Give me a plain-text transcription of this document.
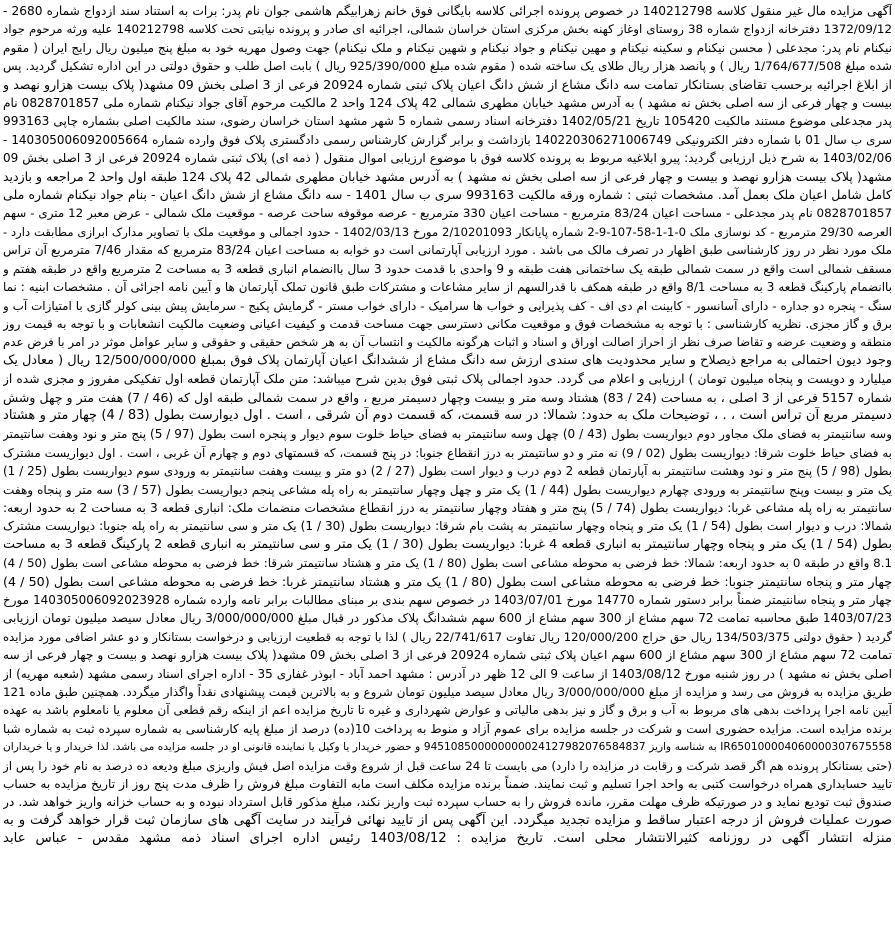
آگهی مزایده مال غیر منقول کلاسه 140212798 در خصوص پرونده اجرائی کلاسه بایگانی فوق خانم زهرابیگم هاشمی جوان نام پدر: برات به استناد سند ازدواج شماره 2680 -
1372/09/12 دفترخانه ازدواج شماره 38 روستای اوغاز کهنه بخش مرکزی استان خراسان شمالی، اجرائیه ای صادر و پرونده نیابتی تحت کلاسه 140212798 علیه ورثه مرحوم جواد
نیکنام نام پدر: مجدعلی ( محسن نیکنام و سکینه نیکنام و مهین نیکنام و جواد نیکنام و شهین نیکنام و ملک نیکنام) جهت وصول مهریه خود به مبلغ پنج میلیون ریال رایج ایران ( مقوم
شده مبلغ 1/764/677/508 ریال ) و پانصد هزار ریال طلای یک ساخته شده ( مقوم شده مبلغ 925/390/000 ریال ) بابت اصل طلب و حقوق دولتی در این اداره تشکیل گردید. پس
از ابلاغ اجرائیه برحسب تقاضای بستانکار تمامت سه دانگ مشاع از شش دانگ اعیان پلاک ثبتی شماره 20924 فرعی از 3 اصلی بخش 09 مشهد( پلاک بیست هزارو نهصد و
بیست و چهار فرعی از سه اصلی بخش نه مشهد ) به آدرس مشهد خیابان مطهری شمالی 42 پلاک 124 واحد 2 مالکیت مرحوم آقای جواد نیکنام شماره ملی 0828701857 نام
پدر مجدعلی موضوع مستند مالکیت 105420 تاریخ 1402/05/21 دفترخانه اسناد رسمی شماره 5 شهر مشهد استان خراسان رضوی، سند مالکیت اصلی بشماره چاپی 993163
سری ب سال 01 با شماره دفتر الکترونیکی 140220306271006749 بازداشت و برابر گزارش کارشناس رسمی دادگستری پلاک فوق وارده شماره 140305006092005664 -
1403/02/06 به شرح ذیل ارزیابی گردید: پیرو ابلاغیه مربوط به پرونده کلاسه فوق با موضوع ارزیابی اموال منقول ( ذمه ای) پلاک ثبتی شماره 20924 فرعی از 3 اصلی بخش 09
مشهد( پلاک بیست هزارو نهصد و بیست و چهار فرعی از سه اصلی بخش نه مشهد ) به آدرس مشهد خیابان مطهری شمالی 42 پلاک 124 طبقه اول واحد 2 مراجعه و بازدید
کامل شامل اعیان ملک بعمل آمد. مشخصات ثبتی : شماره ورقه مالکیت 993163 سری ب سال 1401 - سه دانگ مشاع از شش دانگ اعیان - بنام جواد نیکنام شماره ملی
0828701857 نام پدر مجدعلی - مساحت اعیان 83/24 مترمربع - مساحت اعیان 330 مترمربع - عرصه موقوفه ساحت عرصه - موقعیت ملک شمالی - عرض معبر 12 متری - سهم
العرصه 29/30 مترمربع - کد نوسازی ملک 0-1-1-58-107-9-2 شماره پایانکار 2/10201093 مورخ 1402/03/13 - حدود اجمالی و موقعیت ملک با تصاویر مدارک ابرازی مطابقت دارد -
ملک مورد نظر در روز کارشناسی طبق اظهار در تصرف مالک می باشد . مورد ارزیابی آپارتمانی است دو خوابه به مساحت اعیان 83/24 مترمربع که مقدار 7/46 مترمربع آن تراس
مسقف شمالی است واقع در سمت شمالی طبقه یک ساختمانی هفت طبقه و 9 واحدی با قدمت حدود 3 سال باانضمام انباری قطعه 3 به مساحت 2 مترمربع واقع در طبقه هفتم و
باانضمام پارکینگ قطعه 3 به مساحت 8/1 واقع در طبقه همکف با قدرالسهم از سایر مشاعات و مشترکات طبق قانون تملک آپارتمان ها و آیین نامه اجرائی آن . مشخصات ابنیه : نما
سنگ - پنجره دو جداره - دارای آسانسور - کابینت ام دی اف - کف پذیرایی و خواب ها سرامیک - دارای خواب مستر - گرمایش پکیج - سرمایش پیش بینی کولر گازی با امتیازات آب و
برق و گاز مجزی. نظریه کارشناسی : با توجه به مشخصات فوق و موقعیت مکانی دسترسی جهت مساحت قدمت و کیفیت اعیانی وضعیت مالکیت انشعابات و با توجه به قیمت روز
منطقه و وضعیت عرضه و تقاضا صرف نظر از احراز اصالت اوراق و اسناد و اثبات هرگونه مالکیت و انتساب آن به هر شخص حقیقی و حقوقی و سایر عوامل موثر در امر با فرض عدم
وجود دیون احتمالی به مراجع ذیصلاح و سایر محدودیت های سندی ارزش سه دانگ مشاع از ششدانگ اعیان آپارتمان پلاک فوق بمبلغ 12/500/000/000 ریال ( معادل یک
میلیارد و دویست و پنجاه میلیون تومان ) ارزیابی و اعلام می گردد. حدود اجمالی پلاک ثبتی فوق بدین شرح میباشد: متن ملک آپارتمان قطعه اول تفکیکی مفروز و مجزی شده از
شماره 5157 فرعی از 3 اصلی ، به مساحت (24 / 83) هشتاد وسه متر و بیست وچهار دسیمتر مربع ، واقع در سمت شمالی طبقه اول که (46 / 7) هفت متر و چهل وشش
دسیمتر مربع آن تراس است ، . ، توضیحات ملک به حدود: شمالا: در سه قسمت، که قسمت دوم آن شرقی ، است . اول دیوارست بطول (83 / 4) چهار متر و هشتاد
وسه سانتیمتر به فضای ملک مجاور دوم دیواریست بطول (43 / 0) چهل وسه سانتیمتر به فضای حیاط خلوت سوم دیوار و پنجره است بطول (97 / 5) پنج متر و نود وهفت سانتیمتر
به فضای حیاط خلوت شرقا: دیواریست بطول (02 / 9) نه متر و دو سانتیمتر به درز انقطاع جنوبا: در پنج قسمت، که قسمتهای دوم و چهارم آن غربی ، است . اول دیواریست مشترک
بطول (98 / 5) پنج متر و نود وهشت سانتیمتر به آپارتمان قطعه 2 دوم درب و دیوار است بطول (27 / 2) دو متر و بیست وهفت سانتیمتر به ورودی سوم دیواریست بطول (25 / 1)
یک متر و بیست وپنج سانتیمتر به ورودی چهارم دیواریست بطول (44 / 1) یک متر و چهل وچهار سانتیمتر به راه پله مشاعی پنجم دیواریست بطول (57 / 3) سه متر و پنجاه وهفت
سانتیمتر به راه پله مشاعی غربا: دیواریست بطول (74 / 5) پنج متر و هفتاد وچهار سانتیمتر به درز انقطاع مشخصات منضمات ملک: انباری قطعه 3 به مساحت 2 به حدود اربعه:
شمالا: درب و دیوار است بطول (54 / 1) یک متر و پنجاه وچهار سانتیمتر به پشت بام شرقا: دیواریست بطول (30 / 1) یک متر و سی سانتیمتر به راه پله جنوبا: دیواریست مشترک
بطول (54 / 1) یک متر و پنجاه وچهار سانتیمتر به انباری قطعه 4 غربا: دیواریست بطول (30 / 1) یک متر و سی سانتیمتر به انباری قطعه 2 پارکینگ قطعه 3 به مساحت
8.1 واقع در طبقه 0 به حدود اربعه: شمالا: خط فرضی به محوطه مشاعی است بطول (80 / 1) یک متر و هشتاد سانتیمتر شرقا: خط فرضی به محوطه مشاعی است بطول (50 / 4)
چهار متر و پنجاه سانتیمتر جنوبا: خط فرضی به محوطه مشاعی است بطول (80 / 1) یک متر و هشتاد سانتیمتر غربا: خط فرضی به محوطه مشاعی است بطول (50 / 4)
چهار متر و پنجاه سانتیمتر ضمناً برابر دستور شماره 14770 مورخ 1403/07/01 در خصوص سهم بندی بر مبنای مطالبات برابر نامه وارده شماره 140305006092023928 مورخ
1403/07/23 طبق محاسبه تمامت 72 سهم مشاع از 300 سهم مشاع از 600 سهم ششدانگ پلاک مذکور در قبال مبلغ 3/000/000/000 ریال معادل سیصد میلیون تومان ارزیابی
گردید ( حقوق دولتی 134/503/375 ریال حق حراج 120/000/200 ریال تفاوت 22/741/617 ریال ) لذا با توجه به قطعیت ارزیابی و درخواست بستانکار و دو عشر اضافی مورد مزایده
تمامت 72 سهم مشاع از 300 سهم مشاع از 600 سهم اعیان پلاک ثبتی شماره 20924 فرعی از 3 اصلی بخش 09 مشهد( پلاک بیست هزارو نهصد و بیست و چهار فرعی از سه
اصلی بخش نه مشهد ) در روز شنبه مورخ 1403/08/12 از ساعت 9 الی 12 ظهر در آدرس : مشهد احمد آباد - ابوذر غفاری 35 - اداره اجرای اسناد رسمی مشهد (شعبه مهریه) از
طریق مزایده به فروش می رسد و مزایده از مبلغ 3/000/000/000 ریال معادل سیصد میلیون تومان شروع و به بالاترین قیمت پیشنهادی نقداً واگذار میگردد. همچنین طبق ماده 121
آیین نامه اجرا پرداخت بدهی های مربوط به آب و برق و گاز و نیز بدهی مالیاتی و عوارض شهرداری و غیره تا تاریخ مزایده اعم از اینکه رقم قطعی آن معلوم یا نامعلوم باشد به عهده
برنده مزایده است. مزایده حضوری است و شرکت در جلسه مزایده برای عموم آزاد و منوط به پرداخت 10(ده) درصد از مبلغ پایه کارشناسی به شماره سپرده ثبت به شماره شبا
IR650100004060000307675558 به شناسه واریز 945108500000000024127982076584837 و حضور خریدار یا وکیل یا نماینده قانونی او در جلسه مزایده می باشد. لذا خریدار و یا خریداران
(حتی بستانکار پرونده هم اگر قصد شرکت و رقابت در مزایده را دارد) می بایست تا 24 ساعت قبل از شروع وقت مزایده اصل فیش واریزی مبلغ ودیعه ده درصد به نام خود را پس از
تایید حسابداری همراه درخواست کتبی به واحد اجرا تسلیم و ثبت نمایند. ضمناً برنده مزایده مکلف است مابه التفاوت مبلغ فروش را ظرف مدت پنج روز از تاریخ مزایده به حساب
صندوق ثبت تودیع نماید و در صورتیکه ظرف مهلت مقرر، مانده فروش را به حساب سپرده ثبت واریز نکند، مبلغ مذکور قابل استرداد نبوده و به حساب خزانه واریز خواهد شد. در
صورت عملیات فروش از درجه اعتبار ساقط و مزایده تجدید میگردد. این آگهی پس از تایید نهائی فرآیند در سایت آگهی های سازمان ثبت قرار خواهد گرفت و به
منزله انتشار آگهی در روزنامه کثیرالانتشار محلی است. تاریخ مزایده : 1403/08/12 رئیس اداره اجرای اسناد ذمه مشهد مقدس - عباس عابد
